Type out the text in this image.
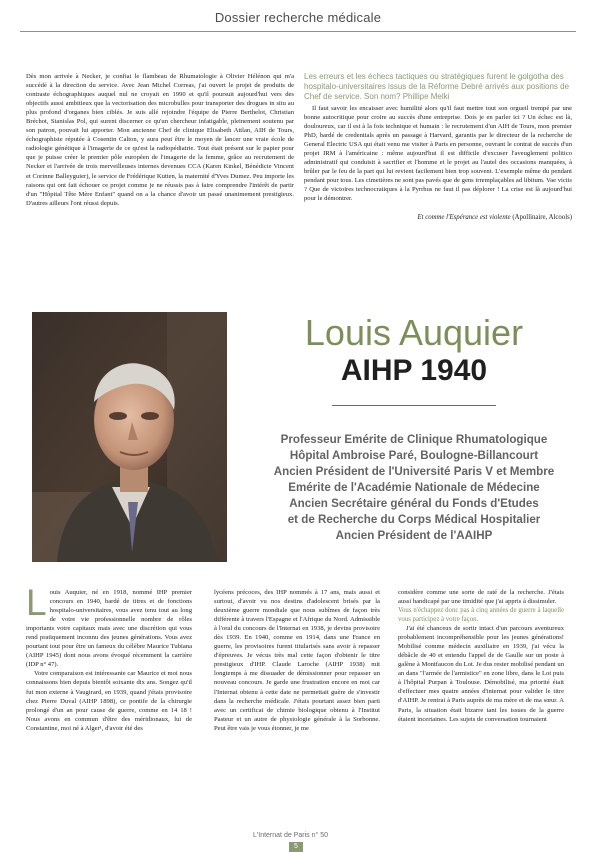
Dossier recherche médicale

Dès mon arrivée à Necker, je confiai le flambeau de Rhumatologie à Olivier Hélénon qui m'a succédé à la direction du service. Avec Jean Michel Correas, j'ai ouvert le projet de produits de contraste échographiques auquel nul ne croyait en 1990 et qu'il poursuit aujourd'hui vers des objectifs aussi ambitieux que la vectorisation des microbulles pour transporter des drogues in situ au plus profond d'organes bien ciblés. Je suis allé rejoindre l'équipe de Pierre Berthelot, Christian Bréchot, Stanislas Pol, qui surent discerner ce qu'un chercheur infatigable, pleinement soutenu par son patron, pouvait lui apporter. Mon ancienne Chef de clinique Elisabeth Attlan, AIH de Tours, échographiste réputée à Cosentin Calton, y aura peut être le moyen de lancer une vraie école de radiologie génétique à l'imagerie de ce qu'est la radiopédiatrie. Tout était présent sur le papier pour que je puisse créer le premier pôle européen de l'imagerie de la femme, grâce au recrutement de Necker et l'arrivée de trois merveilleuses internes devenues CCA (Karen Kinkel, Bénédicte Vincent et Corinne Balleyguier), le service de Frédérique Kutten, la maternité d'Yves Dumez. Peu importe les raisons qui ont fait échouer ce projet comme je ne réussis pas à faire comprendre l'intérêt de partir d'un "Hôpital Tête Mère Enfant" quand on a la chance d'avoir un passé unanimement prestigieux. D'autres ailleurs l'ont réussi depuis.

Les erreurs et les échecs tactiques ou stratégiques furent le golgotha des hospitalo-universitaires issus de la Réforme Debré arrivés aux positions de Chef de service. Son nom? Phillipe Melki

Il faut savoir les encaisser avec humilité alors qu'il faut mettre tout son orgueil trempé par une bonne autocritique pour croire au succès d'une entreprise. Dois je en parler ici ? Un échec est là, douloureux, car il est à la fois technique et humain : le recrutement d'un AIH de Tours, mon premier PhD, bardé de credentials après un passage à Harvard, garantis par le directeur de la recherche de General Electric USA qui était venu me visiter à Paris en personne, ouvrant le contrat de succès d'un projet IRM à l'américaine : même aujourd'hui il est difficile d'excuser l'aveuglement politico administratif qui conduisit à sacrifier et l'homme et le projet au l'autel des occasions manquées, à brûler par le feu de la part qui lui revient facilement bien trop souvent. L'exemple même du pendant pendant pour tous. Les cimetières ne sont pas pavés que de gens irremplaçables ad libitum. Vae victis ? Que de victoires technocratiques à la Pyrrhus ne faut il pas déplorer ! La crise est là aujourd'hui pour le démontrer.

Et comme l'Espérance est violente (Apollinaire, Alcools)
Louis Auquier
AIHP 1940
Professeur Emérite de Clinique Rhumatologique
Hôpital Ambroise Paré, Boulogne-Billancourt
Ancien Président de l'Université Paris V et Membre
Emérite de l'Académie Nationale de Médecine
Ancien Secrétaire général du Fonds d'Etudes
et de Recherche du Corps Médical Hospitalier
Ancien Président de l'AAIHP
L ouis Auquier, né en 1918, nommé IHP premier concours en 1940, bardé de titres et de fonctions hospitalo-universitaires, vous avez tenu tout au long de votre vie professionnelle nombre de rôles importants votre capitaux mais avec une discrétion qui vous rend pratiquement inconnu des jeunes générations. Vous avez pourtant tout pour être un fameux du célèbre Maurice Tubiana (AIHP 1945) dont nous avons évoqué récemment la carrière (IDP n° 47).

Votre comparaison est intéressante car Maurice et moi nous connaissons bien depuis bientôt soixante dix ans. Songez qu'il fut mon externe à Vaugirard, en 1939, quand j'étais provisoire chez Pierre Duval (AIHP 1898), ce pontife de la chirurgie prolongé d'un an pour cause de guerre, comme en 14 18 ! Nous avons en commun d'être des méridionaux, lui de Constantine, moi né à Alger¹, d'avoir été des

lycéens précoces, des IHP nommés à 17 ans, mais aussi et surtout, d'avoir vu nos destins d'adolescent brisés par la deuxième guerre mondiale que nous subîmes de façon très différente à travers l'Espagne et l'Afrique du Nord. Admissible à l'oral du concours de l'Internat en 1938, je devins provisoire dès 1939. En 1940, comme en 1914, dans une France en guerre, les provisoires furent titularisés sans avoir à repasser d'épreuves. Je vécus très mal cette façon d'obtenir le titre prestigieux d'IHP. Claude Laroche (AIHP 1938) mit longtemps à me dissuader de démissionner pour repasser un nouveau concours. Je garde une frustration encore en moi car l'Internat obtenu à cette date ne permettait guère de s'investir dans la recherche médicale. J'étais pourtant assez bien parti avec un certificat de chimie biologique obtenu à l'Institut Pasteur et un autre de physiologie générale à la Sorbonne. Peut être vais je vous étonner, je me

considère comme une sorte de raté de la recherche. J'étais aussi handicapé par une timidité que j'ai appris à dissimuler.

Vous n'échappez donc pas à cinq années de guerre à laquelle vous participez à votre façon.

J'ai été chanceux de sortir intact d'un parcours aventureux probablement incompréhensible pour les jeunes générations! Mobilisé comme médecin auxiliaire en 1939, j'ai vécu la débâcle de 40 et entendu l'appel de de Gaulle sur un poste à galène à Montfaucon du Lot. Je dus rester mobilisé pendant un an dans "l'armée de l'armistice" en zone libre, dans le Lot puis à l'hôpital Purpan à Toulouse. Démobilisé, ma priorité était d'effectuer mes quatre années d'internat pour valider le titre d'AIHP. Je rentrai à Paris auprès de ma mère et de ma sœur. A Paris, la situation était bizarre tant les issues de la guerre étaient incertaines. Les sujets de conversation tournaient

L'Internat de Paris n° 50
5
